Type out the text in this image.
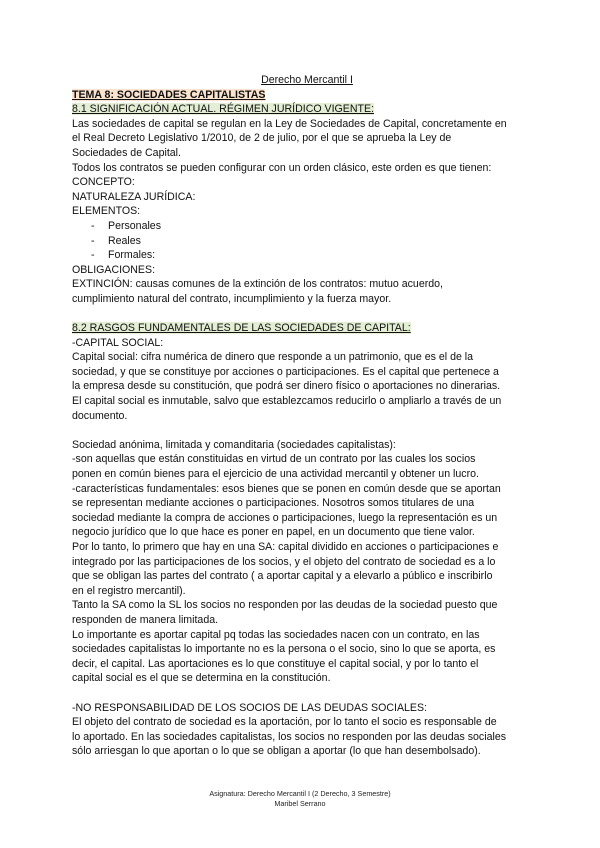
Derecho Mercantil I
TEMA 8: SOCIEDADES CAPITALISTAS
8.1 SIGNIFICACIÓN ACTUAL. RÉGIMEN JURÍDICO VIGENTE:
Las sociedades de capital se regulan en la Ley de Sociedades de Capital, concretamente en
el Real Decreto Legislativo 1/2010, de 2 de julio, por el que se aprueba la Ley de
Sociedades de Capital.
Todos los contratos se pueden configurar con un orden clásico, este orden es que tienen:
CONCEPTO:
NATURALEZA JURÍDICA:
ELEMENTOS:
- Personales
- Reales
- Formales:
OBLIGACIONES:
EXTINCIÓN: causas comunes de la extinción de los contratos: mutuo acuerdo,
cumplimiento natural del contrato, incumplimiento y la fuerza mayor.
8.2 RASGOS FUNDAMENTALES DE LAS SOCIEDADES DE CAPITAL:
-CAPITAL SOCIAL:
Capital social: cifra numérica de dinero que responde a un patrimonio, que es el de la
sociedad, y que se constituye por acciones o participaciones. Es el capital que pertenece a
la empresa desde su constitución, que podrá ser dinero físico o aportaciones no dinerarias.
El capital social es inmutable, salvo que establezcamos reducirlo o ampliarlo a través de un
documento.
Sociedad anónima, limitada y comanditaria (sociedades capitalistas):
-son aquellas que están constituidas en virtud de un contrato por las cuales los socios
ponen en común bienes para el ejercicio de una actividad mercantil y obtener un lucro.
-características fundamentales: esos bienes que se ponen en común desde que se aportan
se representan mediante acciones o participaciones. Nosotros somos titulares de una
sociedad mediante la compra de acciones o participaciones, luego la representación es un
negocio jurídico que lo que hace es poner en papel, en un documento que tiene valor.
Por lo tanto, lo primero que hay en una SA: capital dividido en acciones o participaciones e
integrado por las participaciones de los socios, y el objeto del contrato de sociedad es a lo
que se obligan las partes del contrato ( a aportar capital y a elevarlo a público e inscribirlo
en el registro mercantil).
Tanto la SA como la SL los socios no responden por las deudas de la sociedad puesto que
responden de manera limitada.
Lo importante es aportar capital pq todas las sociedades nacen con un contrato, en las
sociedades capitalistas lo importante no es la persona o el socio, sino lo que se aporta, es
decir, el capital. Las aportaciones es lo que constituye el capital social, y por lo tanto el
capital social es el que se determina en la constitución.
-NO RESPONSABILIDAD DE LOS SOCIOS DE LAS DEUDAS SOCIALES:
El objeto del contrato de sociedad es la aportación, por lo tanto el socio es responsable de
lo aportado. En las sociedades capitalistas, los socios no responden por las deudas sociales
sólo arriesgan lo que aportan o lo que se obligan a aportar (lo que han desembolsado).
Asignatura: Derecho Mercantil I (2 Derecho, 3 Semestre)
Maribel Serrano
